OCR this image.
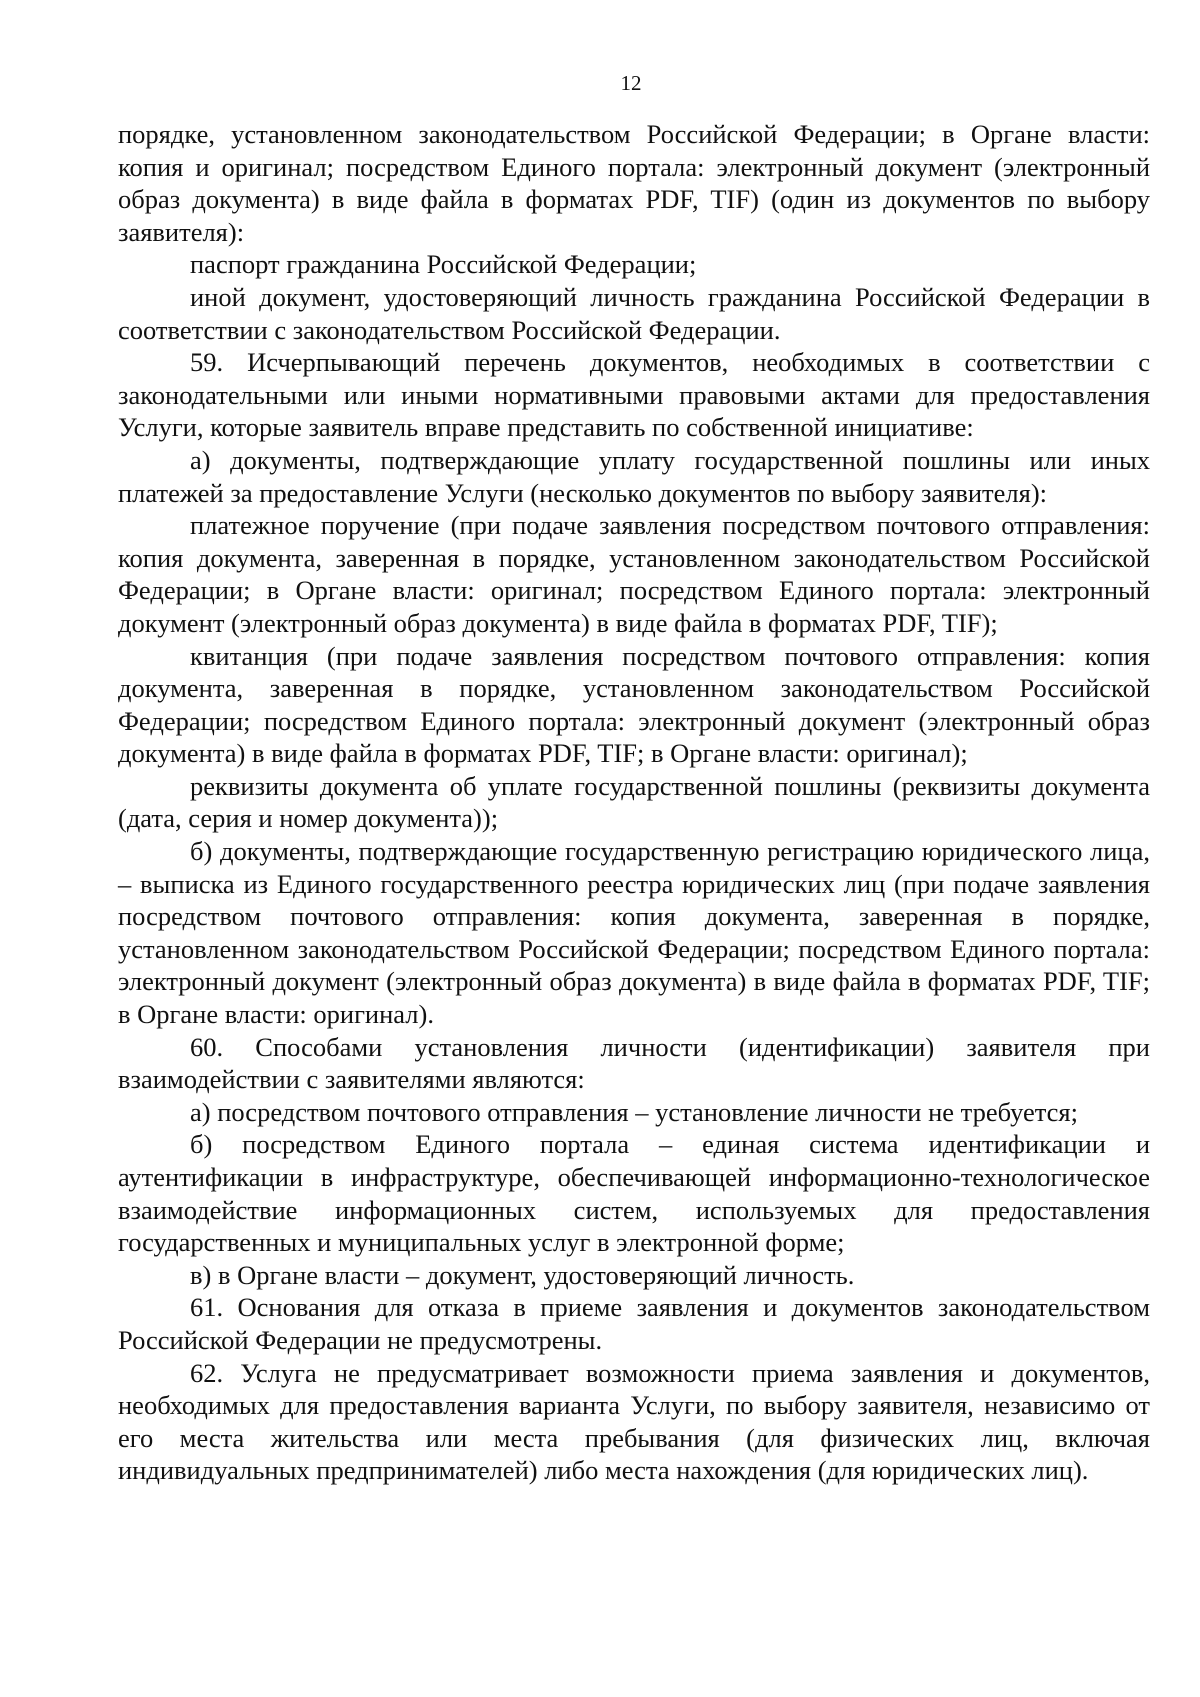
12

порядке, установленном законодательством Российской Федерации; в Органе власти: копия и оригинал; посредством Единого портала: электронный документ (электронный образ документа) в виде файла в форматах PDF, TIF) (один из документов по выбору заявителя):

паспорт гражданина Российской Федерации;

иной документ, удостоверяющий личность гражданина Российской Федерации в соответствии с законодательством Российской Федерации.

59. Исчерпывающий перечень документов, необходимых в соответствии с законодательными или иными нормативными правовыми актами для предоставления Услуги, которые заявитель вправе представить по собственной инициативе:

а) документы, подтверждающие уплату государственной пошлины или иных платежей за предоставление Услуги (несколько документов по выбору заявителя):

платежное поручение (при подаче заявления посредством почтового отправления: копия документа, заверенная в порядке, установленном законодательством Российской Федерации; в Органе власти: оригинал; посредством Единого портала: электронный документ (электронный образ документа) в виде файла в форматах PDF, TIF);

квитанция (при подаче заявления посредством почтового отправления: копия документа, заверенная в порядке, установленном законодательством Российской Федерации; посредством Единого портала: электронный документ (электронный образ документа) в виде файла в форматах PDF, TIF; в Органе власти: оригинал);

реквизиты документа об уплате государственной пошлины (реквизиты документа (дата, серия и номер документа));

б) документы, подтверждающие государственную регистрацию юридического лица, – выписка из Единого государственного реестра юридических лиц (при подаче заявления посредством почтового отправления: копия документа, заверенная в порядке, установленном законодательством Российской Федерации; посредством Единого портала: электронный документ (электронный образ документа) в виде файла в форматах PDF, TIF; в Органе власти: оригинал).

60. Способами установления личности (идентификации) заявителя при взаимодействии с заявителями являются:

а) посредством почтового отправления – установление личности не требуется;

б) посредством Единого портала – единая система идентификации и аутентификации в инфраструктуре, обеспечивающей информационно-технологическое взаимодействие информационных систем, используемых для предоставления государственных и муниципальных услуг в электронной форме;

в) в Органе власти – документ, удостоверяющий личность.

61. Основания для отказа в приеме заявления и документов законодательством Российской Федерации не предусмотрены.

62. Услуга не предусматривает возможности приема заявления и документов, необходимых для предоставления варианта Услуги, по выбору заявителя, независимо от его места жительства или места пребывания (для физических лиц, включая индивидуальных предпринимателей) либо места нахождения (для юридических лиц).
